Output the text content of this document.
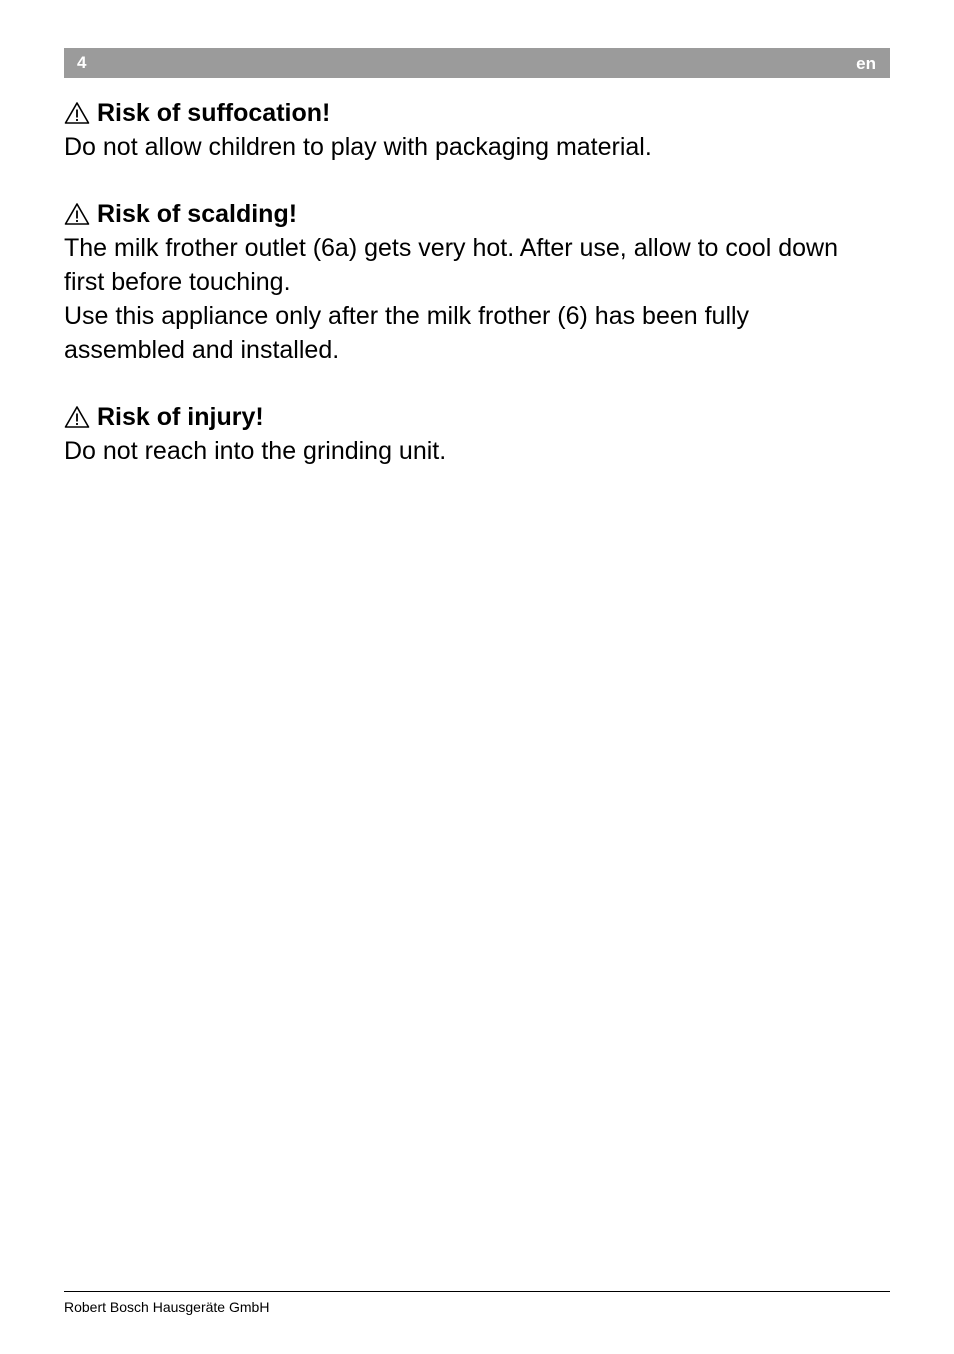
4	en
Risk of suffocation!

Do not allow children to play with packaging material.

Risk of scalding!

The milk frother outlet (6a) gets very hot. After use, allow to cool down first before touching.

Use this appliance only after the milk frother (6) has been fully assembled and installed.

Risk of injury!

Do not reach into the grinding unit.

Robert Bosch Hausgeräte GmbH
